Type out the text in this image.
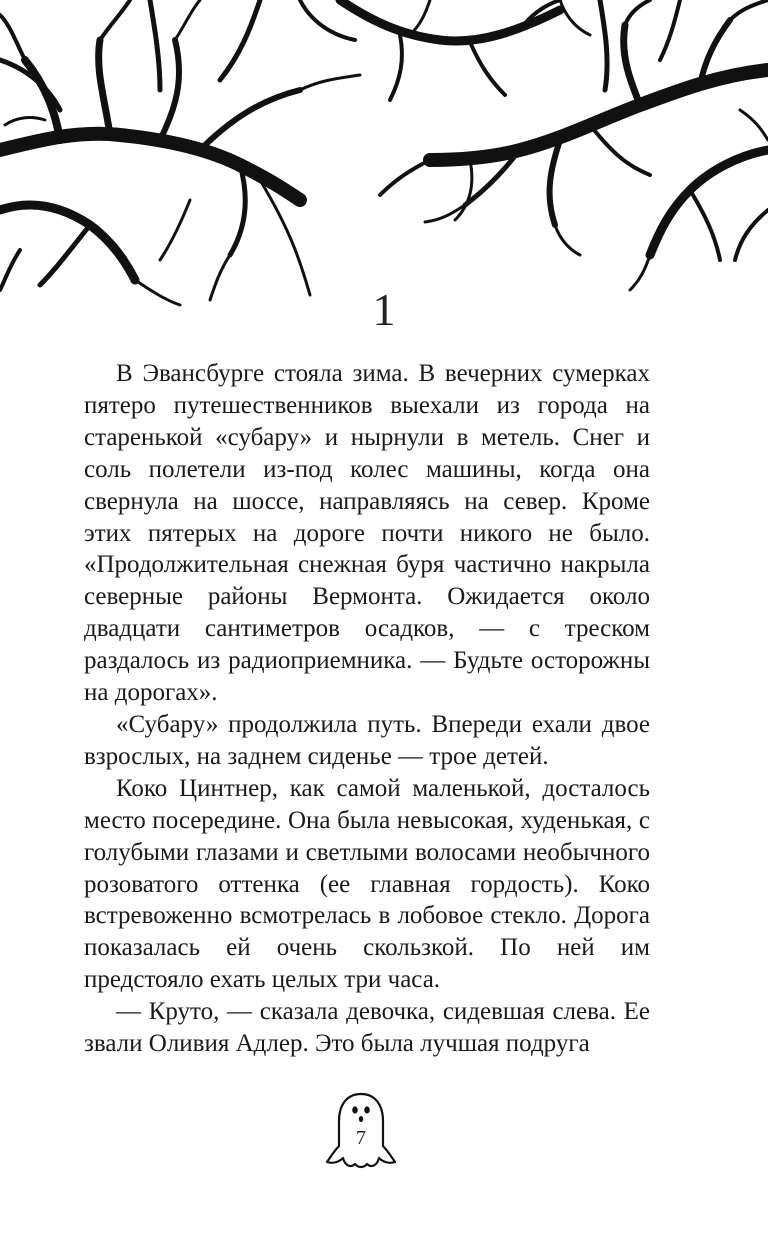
1

В Эвансбурге стояла зима. В вечерних сумерках пятеро путешественников выехали из города на старенькой «субару» и нырнули в метель. Снег и соль полетели из-под колес машины, когда она свернула на шоссе, направляясь на север. Кроме этих пятерых на дороге почти никого не было. «Продолжительная снежная буря частично накрыла северные районы Вермонта. Ожидается около двадцати сантиметров осадков, — с треском раздалось из радиоприемника. — Будьте осторожны на дорогах».

«Субару» продолжила путь. Впереди ехали двое взрослых, на заднем сиденье — трое детей.

Коко Цинтнер, как самой маленькой, досталось место посередине. Она была невысокая, худенькая, с голубыми глазами и светлыми волосами необычного розоватого оттенка (ее главная гордость). Коко встревоженно всмотрелась в лобовое стекло. Дорога показалась ей очень скользкой. По ней им предстояло ехать целых три часа.

— Круто, — сказала девочка, сидевшая слева. Ее звали Оливия Адлер. Это была лучшая подруга

7
